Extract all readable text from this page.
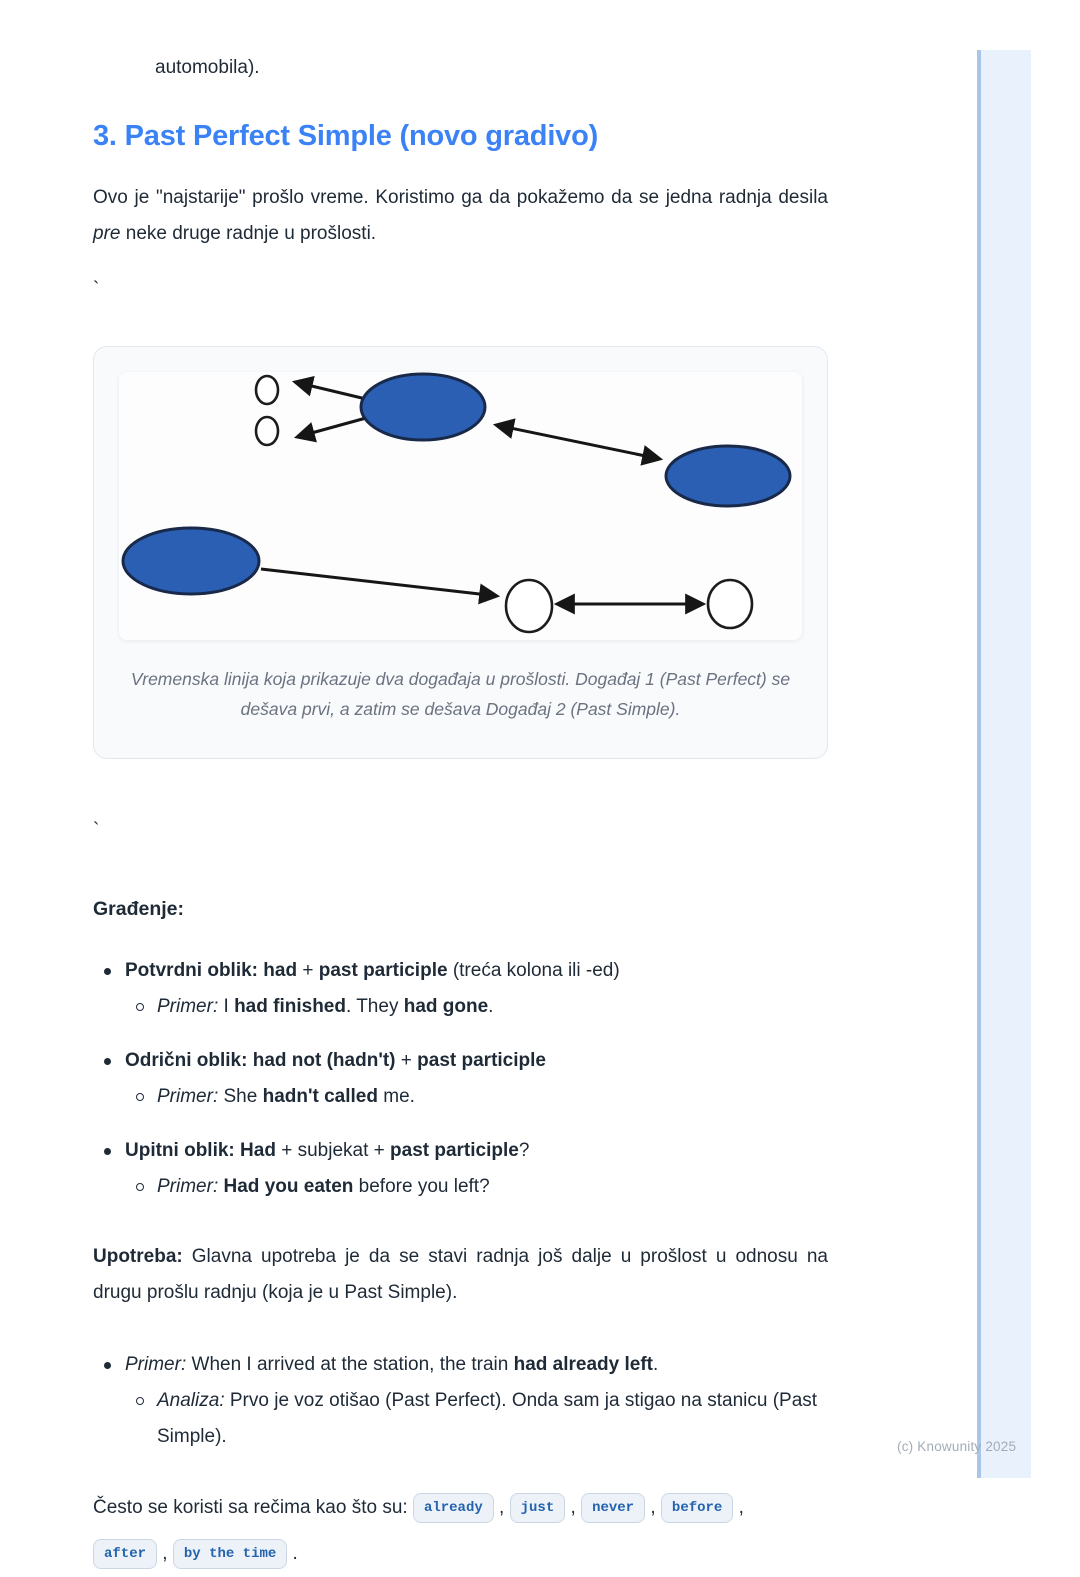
(c) Knowunity 2025

automobila).

3. Past Perfect Simple (novo gradivo)

Ovo je "najstarije" prošlo vreme. Koristimo ga da pokažemo da se jedna radnja desila pre neke druge radnje u prošlosti.

`

Vremenska linija koja prikazuje dva događaja u prošlosti. Događaj 1 (Past Perfect) se dešava prvi, a zatim se dešava Događaj 2 (Past Simple).

`

Građenje:

Potvrdni oblik: had + past participle (treća kolona ili -ed)

Primer: I had finished. They had gone.

Odrični oblik: had not (hadn't) + past participle

Primer: She hadn't called me.

Upitni oblik: Had + subjekat + past participle?

Primer: Had you eaten before you left?

Upotreba: Glavna upotreba je da se stavi radnja još dalje u prošlost u odnosu na drugu prošlu radnju (koja je u Past Simple).

Primer: When I arrived at the station, the train had already left.

Analiza: Prvo je voz otišao (Past Perfect). Onda sam ja stigao na stanicu (Past Simple).

Često se koristi sa rečima kao što su: already , just , never , before ,
after , by the time .
